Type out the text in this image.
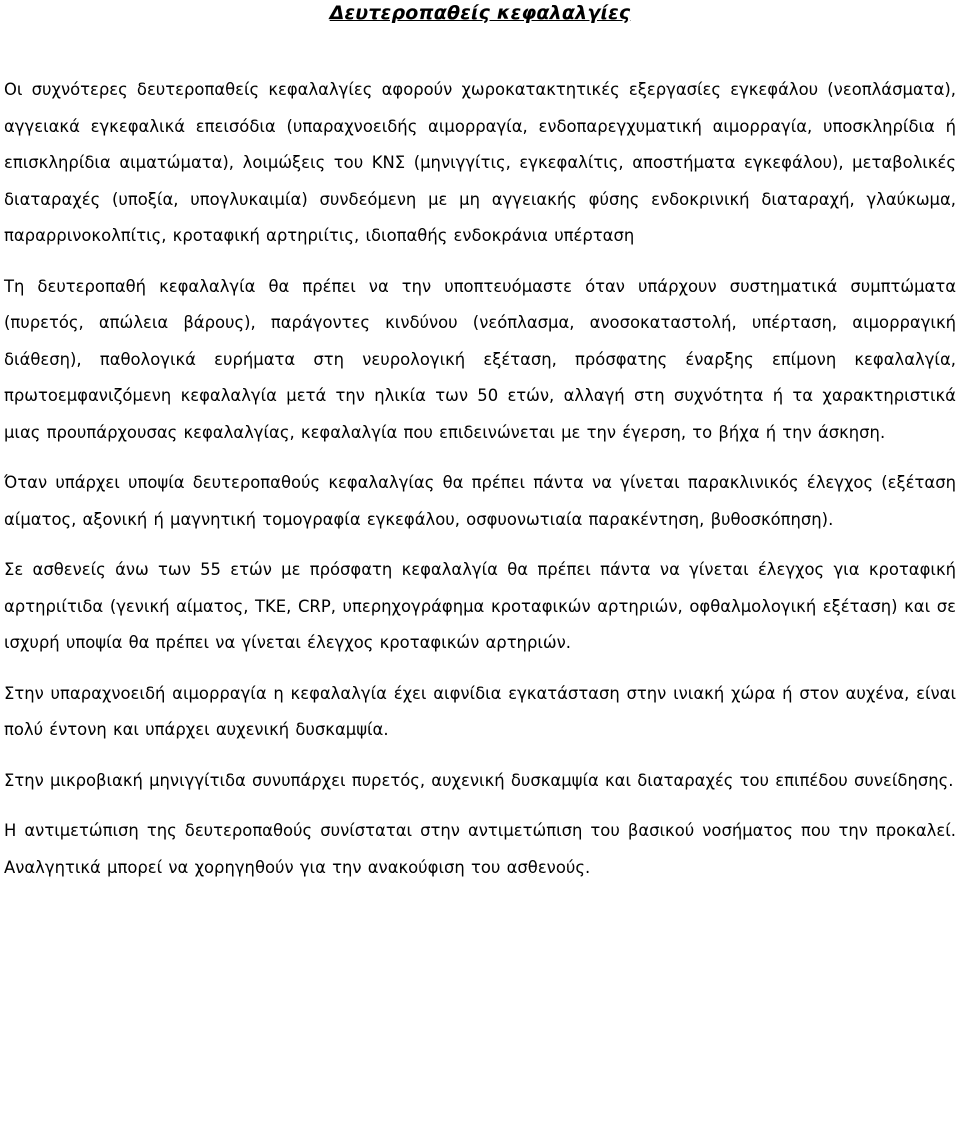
Δευτεροπαθείς κεφαλαλγίες

Οι συχνότερες δευτεροπαθείς κεφαλαλγίες αφορούν χωροκατακτητικές εξεργασίες εγκεφάλου (νεοπλάσματα), αγγειακά εγκεφαλικά επεισόδια (υπαραχνοειδής αιμορραγία, ενδοπαρεγχυματική αιμορραγία, υποσκληρίδια ή επισκληρίδια αιματώματα), λοιμώξεις του ΚΝΣ (μηνιγγίτις, εγκεφαλίτις, αποστήματα εγκεφάλου), μεταβολικές διαταραχές (υποξία, υπογλυκαιμία) συνδεόμενη με μη αγγειακής φύσης ενδοκρινική διαταραχή, γλαύκωμα, παραρρινοκολπίτις, κροταφική αρτηριίτις, ιδιοπαθής ενδοκράνια υπέρταση

Τη δευτεροπαθή κεφαλαλγία θα πρέπει να την υποπτευόμαστε όταν υπάρχουν συστηματικά συμπτώματα (πυρετός, απώλεια βάρους), παράγοντες κινδύνου (νεόπλασμα, ανοσοκαταστολή, υπέρταση, αιμορραγική διάθεση), παθολογικά ευρήματα στη νευρολογική εξέταση, πρόσφατης έναρξης επίμονη κεφαλαλγία, πρωτοεμφανιζόμενη κεφαλαλγία μετά την ηλικία των 50 ετών, αλλαγή στη συχνότητα ή τα χαρακτηριστικά μιας προυπάρχουσας κεφαλαλγίας, κεφαλαλγία που επιδεινώνεται με την έγερση, το βήχα ή την άσκηση.

Όταν υπάρχει υποψία δευτεροπαθούς κεφαλαλγίας θα πρέπει πάντα να γίνεται παρακλινικός έλεγχος (εξέταση αίματος, αξονική ή μαγνητική τομογραφία εγκεφάλου, οσφυονωτιαία παρακέντηση, βυθοσκόπηση).

Σε ασθενείς άνω των 55 ετών με πρόσφατη κεφαλαλγία θα πρέπει πάντα να γίνεται έλεγχος για κροταφική αρτηριίτιδα (γενική αίματος, ΤΚΕ, CRP, υπερηχογράφημα κροταφικών αρτηριών, οφθαλμολογική εξέταση) και σε ισχυρή υποψία θα πρέπει να γίνεται έλεγχος κροταφικών αρτηριών.

Στην υπαραχνοειδή αιμορραγία η κεφαλαλγία έχει αιφνίδια εγκατάσταση στην ινιακή χώρα ή στον αυχένα, είναι πολύ έντονη και υπάρχει αυχενική δυσκαμψία.

Στην μικροβιακή μηνιγγίτιδα συνυπάρχει πυρετός, αυχενική δυσκαμψία και διαταραχές του επιπέδου συνείδησης.

Η αντιμετώπιση της δευτεροπαθούς συνίσταται στην αντιμετώπιση του βασικού νοσήματος που την προκαλεί. Αναλγητικά μπορεί να χορηγηθούν για την ανακούφιση του ασθενούς.
